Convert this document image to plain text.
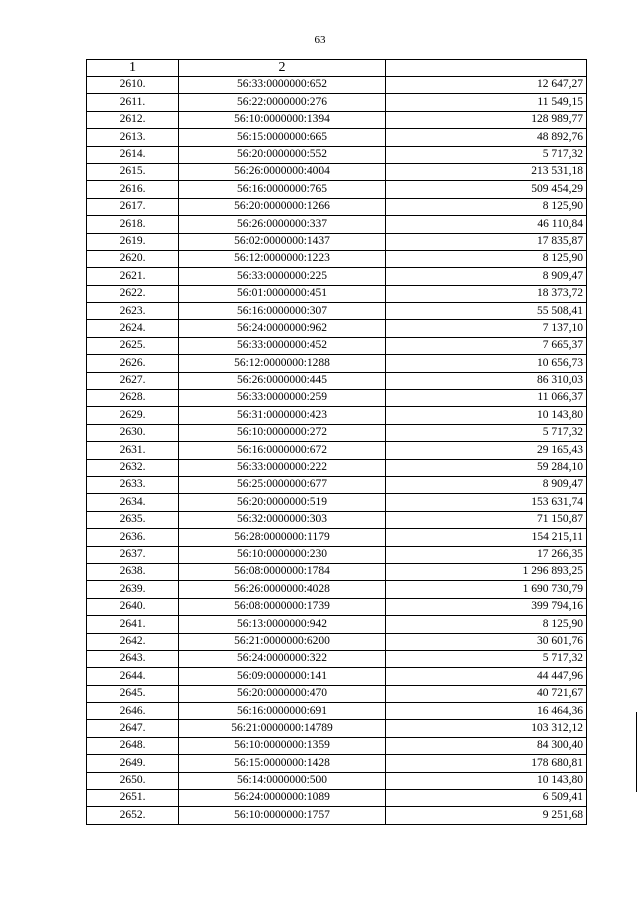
63
1	2	
2610.	56:33:0000000:652	12 647,27
2611.	56:22:0000000:276	11 549,15
2612.	56:10:0000000:1394	128 989,77
2613.	56:15:0000000:665	48 892,76
2614.	56:20:0000000:552	5 717,32
2615.	56:26:0000000:4004	213 531,18
2616.	56:16:0000000:765	509 454,29
2617.	56:20:0000000:1266	8 125,90
2618.	56:26:0000000:337	46 110,84
2619.	56:02:0000000:1437	17 835,87
2620.	56:12:0000000:1223	8 125,90
2621.	56:33:0000000:225	8 909,47
2622.	56:01:0000000:451	18 373,72
2623.	56:16:0000000:307	55 508,41
2624.	56:24:0000000:962	7 137,10
2625.	56:33:0000000:452	7 665,37
2626.	56:12:0000000:1288	10 656,73
2627.	56:26:0000000:445	86 310,03
2628.	56:33:0000000:259	11 066,37
2629.	56:31:0000000:423	10 143,80
2630.	56:10:0000000:272	5 717,32
2631.	56:16:0000000:672	29 165,43
2632.	56:33:0000000:222	59 284,10
2633.	56:25:0000000:677	8 909,47
2634.	56:20:0000000:519	153 631,74
2635.	56:32:0000000:303	71 150,87
2636.	56:28:0000000:1179	154 215,11
2637.	56:10:0000000:230	17 266,35
2638.	56:08:0000000:1784	1 296 893,25
2639.	56:26:0000000:4028	1 690 730,79
2640.	56:08:0000000:1739	399 794,16
2641.	56:13:0000000:942	8 125,90
2642.	56:21:0000000:6200	30 601,76
2643.	56:24:0000000:322	5 717,32
2644.	56:09:0000000:141	44 447,96
2645.	56:20:0000000:470	40 721,67
2646.	56:16:0000000:691	16 464,36
2647.	56:21:0000000:14789	103 312,12
2648.	56:10:0000000:1359	84 300,40
2649.	56:15:0000000:1428	178 680,81
2650.	56:14:0000000:500	10 143,80
2651.	56:24:0000000:1089	6 509,41
2652.	56:10:0000000:1757	9 251,68
